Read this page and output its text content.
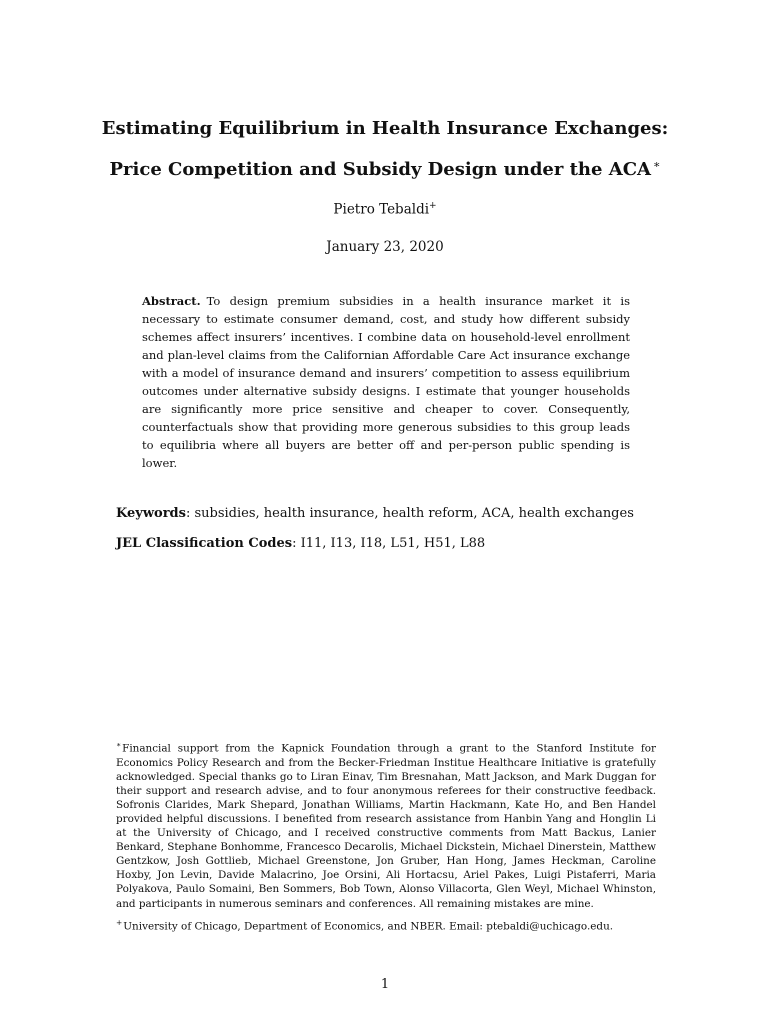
Estimating Equilibrium in Health Insurance Exchanges:
Price Competition and Subsidy Design under the ACA ∗
Pietro Tebaldi+
January 23, 2020
Abstract. To design premium subsidies in a health insurance market it is necessary to estimate consumer demand, cost, and study how different subsidy schemes affect insurers’ incentives. I combine data on household-level enrollment and plan-level claims from the Californian Affordable Care Act insurance exchange with a model of insurance demand and insurers’ competition to assess equilibrium outcomes under alternative subsidy designs. I estimate that younger households are significantly more price sensitive and cheaper to cover. Consequently, counterfactuals show that providing more generous subsidies to this group leads to equilibria where all buyers are better off and per-person public spending is lower.
Keywords: subsidies, health insurance, health reform, ACA, health exchanges
JEL Classification Codes: I11, I13, I18, L51, H51, L88

∗Financial support from the Kapnick Foundation through a grant to the Stanford Institute for Economics Policy Research and from the Becker-Friedman Institue Healthcare Initiative is gratefully acknowledged. Special thanks go to Liran Einav, Tim Bresnahan, Matt Jackson, and Mark Duggan for their support and research advise, and to four anonymous referees for their constructive feedback. Sofronis Clarides, Mark Shepard, Jonathan Williams, Martin Hackmann, Kate Ho, and Ben Handel provided helpful discussions. I benefited from research assistance from Hanbin Yang and Honglin Li at the University of Chicago, and I received constructive comments from Matt Backus, Lanier Benkard, Stephane Bonhomme, Francesco Decarolis, Michael Dickstein, Michael Dinerstein, Matthew Gentzkow, Josh Gottlieb, Michael Greenstone, Jon Gruber, Han Hong, James Heckman, Caroline Hoxby, Jon Levin, Davide Malacrino, Joe Orsini, Ali Hortacsu, Ariel Pakes, Luigi Pistaferri, Maria Polyakova, Paulo Somaini, Ben Sommers, Bob Town, Alonso Villacorta, Glen Weyl, Michael Whinston, and participants in numerous seminars and conferences. All remaining mistakes are mine.

+University of Chicago, Department of Economics, and NBER. Email: ptebaldi@uchicago.edu.

1
